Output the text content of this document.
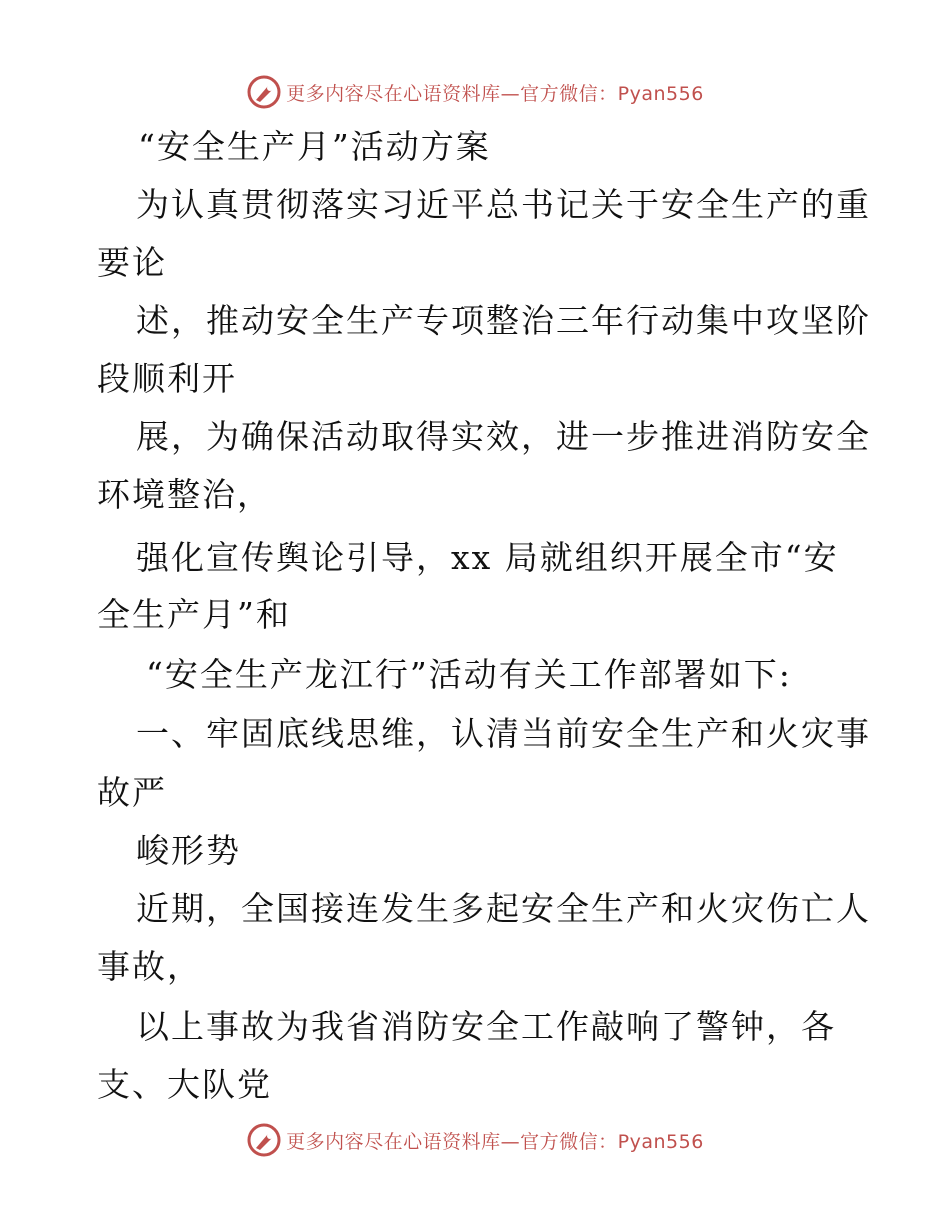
更多内容尽在心语资料库—官方微信：Pyan556
“安全生产月”活动方案
为认真贯彻落实习近平总书记关于安全生产的重
要论
述，推动安全生产专项整治三年行动集中攻坚阶
段顺利开
展，为确保活动取得实效，进一步推进消防安全
环境整治，
强化宣传舆论引导，xx 局就组织开展全市“安
全生产月”和
“安全生产龙江行”活动有关工作部署如下:
一、牢固底线思维，认清当前安全生产和火灾事
故严
峻形势
近期，全国接连发生多起安全生产和火灾伤亡人
事故，
以上事故为我省消防安全工作敲响了警钟，各
支、大队党
更多内容尽在心语资料库—官方微信：Pyan556
